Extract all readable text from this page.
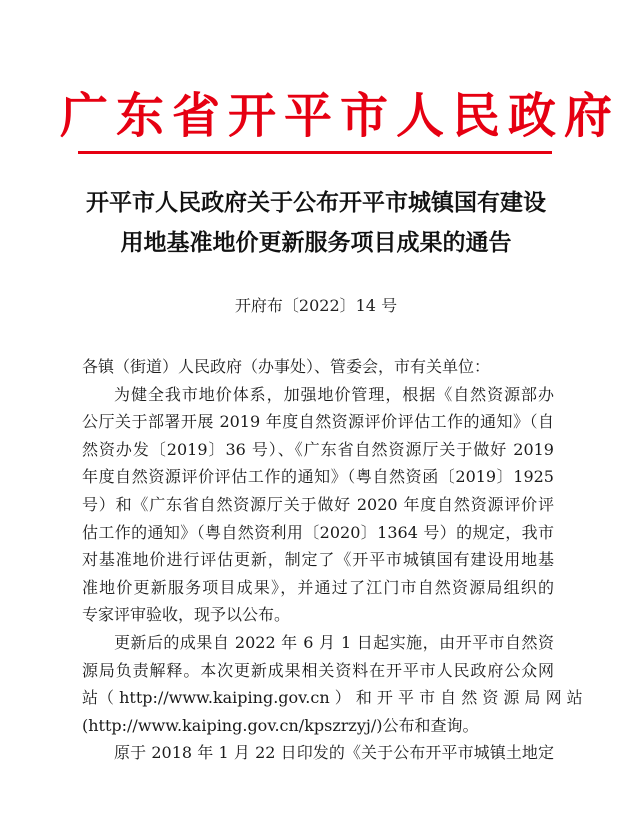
广东省开平市人民政府
开平市人民政府关于公布开平市城镇国有建设
用地基准地价更新服务项目成果的通告
开府布〔2022〕14 号

各镇（街道）人民政府（办事处）、管委会，市有关单位：

为健全我市地价体系，加强地价管理，根据《自然资源部办
公厅关于部署开展 2019 年度自然资源评价评估工作的通知》（自
然资办发〔2019〕36 号）、《广东省自然资源厅关于做好 2019
年度自然资源评价评估工作的通知》（粤自然资函〔2019〕1925
号）和《广东省自然资源厅关于做好 2020 年度自然资源评价评
估工作的通知》（粤自然资利用〔2020〕1364 号）的规定，我市
对基准地价进行评估更新，制定了《开平市城镇国有建设用地基
准地价更新服务项目成果》，并通过了江门市自然资源局组织的
专家评审验收，现予以公布。

更新后的成果自 2022 年 6 月 1 日起实施，由开平市自然资
源局负责解释。本次更新成果相关资料在开平市人民政府公众网
站（ http://www.kaiping.gov.cn ） 和 开 平 市 自 然 资 源 局 网 站
(http://www.kaiping.gov.cn/kpszrzyj/)公布和查询。

原于 2018 年 1 月 22 日印发的《关于公布开平市城镇土地定
